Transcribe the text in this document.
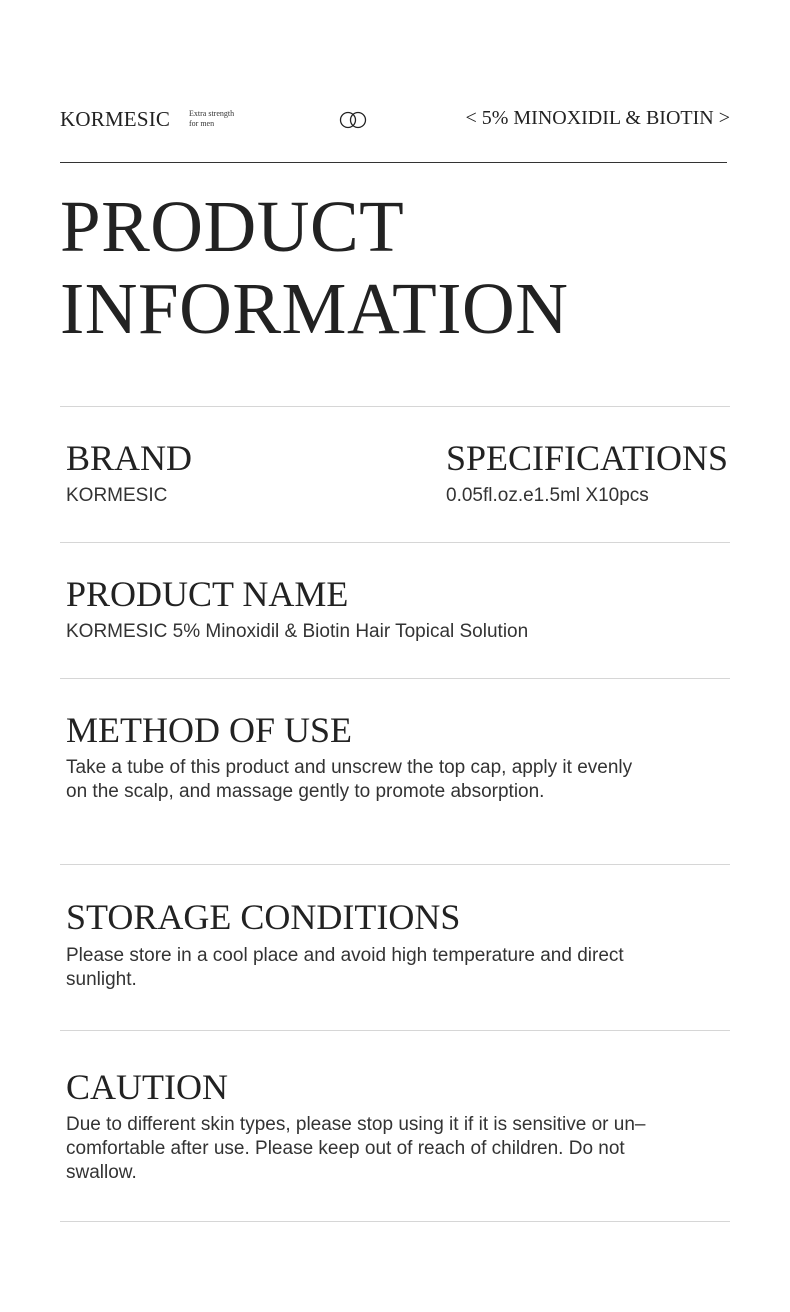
KORMESIC Extra strength
for men	< 5% MINOXIDIL & BIOTIN >
PRODUCT
INFORMATION
BRAND

KORMESIC

SPECIFICATIONS

0.05fl.oz.e1.5ml X10pcs

PRODUCT NAME

KORMESIC 5% Minoxidil & Biotin Hair Topical Solution

METHOD OF USE
Take a tube of this product and unscrew the top cap, apply it evenly
on the scalp, and massage gently to promote absorption.
STORAGE CONDITIONS
Please store in a cool place and avoid high temperature and direct
sunlight.
CAUTION
Due to different skin types, please stop using it if it is sensitive or un–
comfortable after use. Please keep out of reach of children. Do not
swallow.
